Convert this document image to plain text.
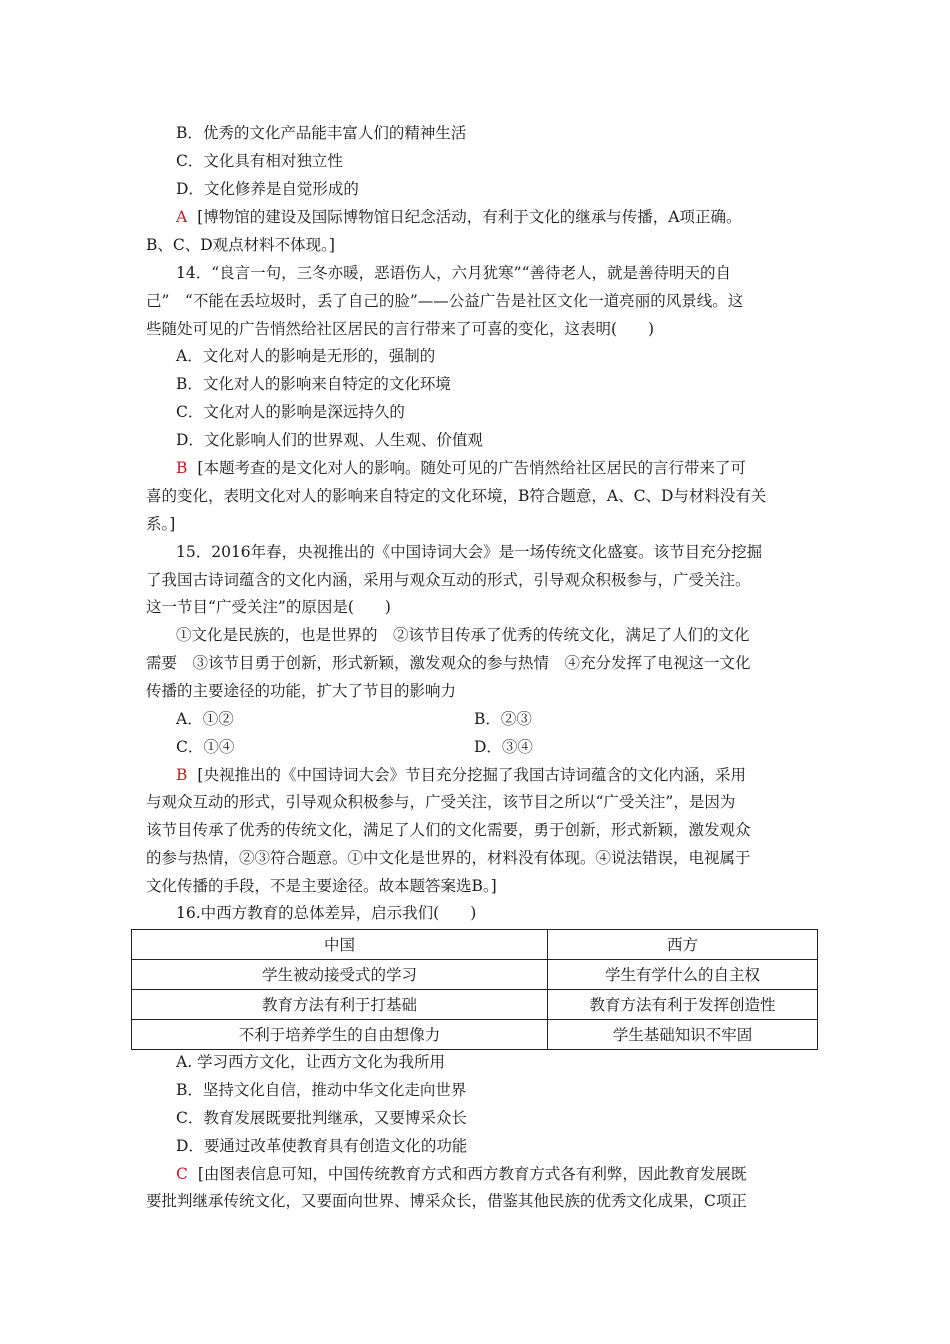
B．优秀的文化产品能丰富人们的精神生活
C．文化具有相对独立性
D．文化修养是自觉形成的
A [博物馆的建设及国际博物馆日纪念活动，有利于文化的继承与传播，A项正确。
B、C、D观点材料不体现。]
14．“良言一句，三冬亦暖，恶语伤人，六月犹寒”“善待老人，就是善待明天的自
己”　“不能在丢垃圾时，丢了自己的脸”——公益广告是社区文化一道亮丽的风景线。这
些随处可见的广告悄然给社区居民的言行带来了可喜的变化，这表明(　　)
A．文化对人的影响是无形的，强制的
B．文化对人的影响来自特定的文化环境
C．文化对人的影响是深远持久的
D．文化影响人们的世界观、人生观、价值观
B [本题考查的是文化对人的影响。随处可见的广告悄然给社区居民的言行带来了可
喜的变化，表明文化对人的影响来自特定的文化环境，B符合题意，A、C、D与材料没有关
系。]
15．2016年春，央视推出的《中国诗词大会》是一场传统文化盛宴。该节目充分挖掘
了我国古诗词蕴含的文化内涵，采用与观众互动的形式，引导观众积极参与，广受关注。
这一节目“广受关注”的原因是(　　)
①文化是民族的，也是世界的　②该节目传承了优秀的传统文化，满足了人们的文化
需要　③该节目勇于创新，形式新颖，激发观众的参与热情　④充分发挥了电视这一文化
传播的主要途径的功能，扩大了节目的影响力
A．①②	B．②③
C．①④	D．③④
B [央视推出的《中国诗词大会》节目充分挖掘了我国古诗词蕴含的文化内涵，采用
与观众互动的形式，引导观众积极参与，广受关注，该节目之所以“广受关注”，是因为
该节目传承了优秀的传统文化，满足了人们的文化需要，勇于创新，形式新颖，激发观众
的参与热情，②③符合题意。①中文化是世界的，材料没有体现。④说法错误，电视属于
文化传播的手段，不是主要途径。故本题答案选B。]
16.中西方教育的总体差异，启示我们(　　)
中国	西方
学生被动接受式的学习	学生有学什么的自主权
教育方法有利于打基础	教育方法有利于发挥创造性
不利于培养学生的自由想像力	学生基础知识不牢固
A. 学习西方文化，让西方文化为我所用
B．坚持文化自信，推动中华文化走向世界
C．教育发展既要批判继承，又要博采众长
D．要通过改革使教育具有创造文化的功能
C [由图表信息可知，中国传统教育方式和西方教育方式各有利弊，因此教育发展既
要批判继承传统文化，又要面向世界、博采众长，借鉴其他民族的优秀文化成果，C项正
